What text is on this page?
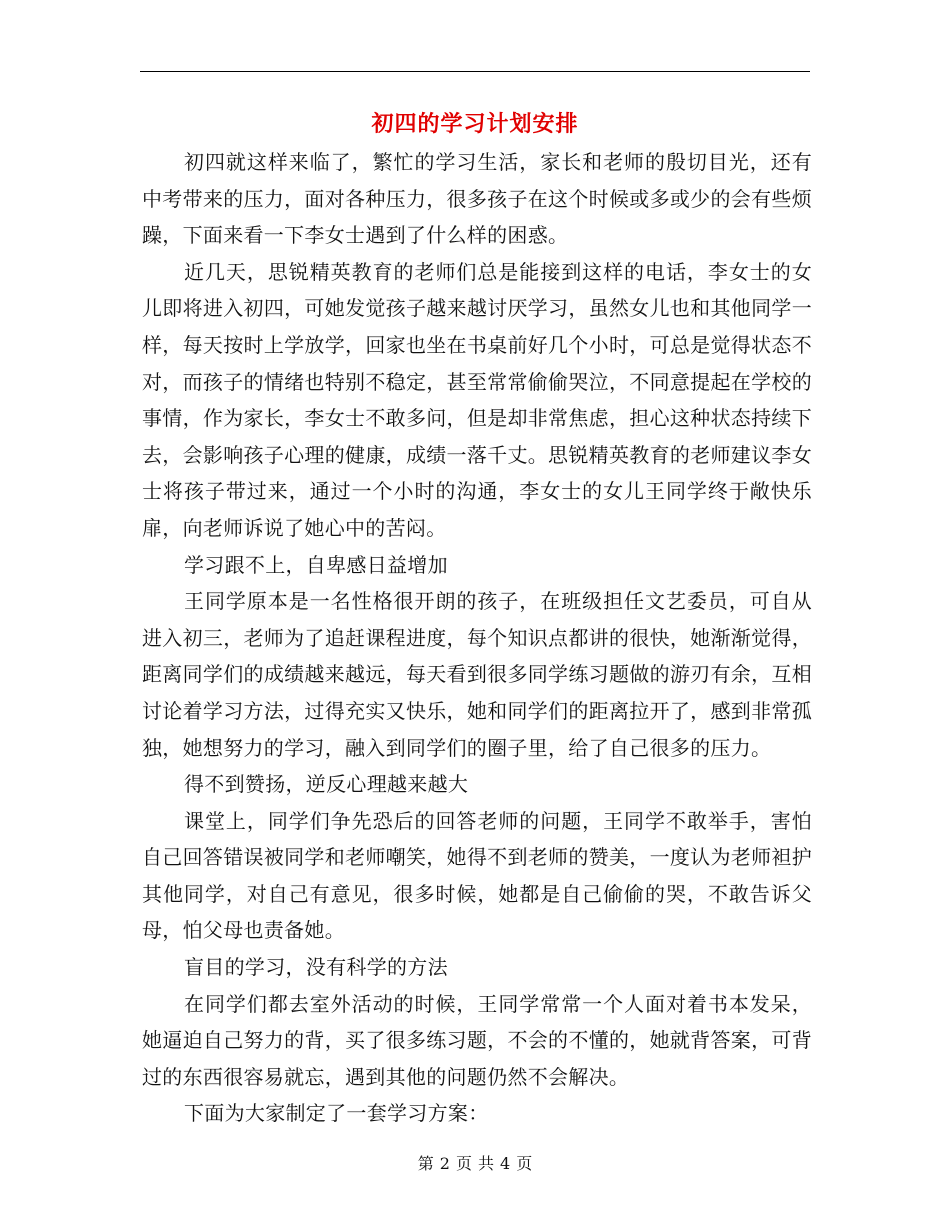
初四的学习计划安排

初四就这样来临了，繁忙的学习生活，家长和老师的殷切目光，还有中考带来的压力，面对各种压力，很多孩子在这个时候或多或少的会有些烦躁，下面来看一下李女士遇到了什么样的困惑。

近几天，思锐精英教育的老师们总是能接到这样的电话，李女士的女儿即将进入初四，可她发觉孩子越来越讨厌学习，虽然女儿也和其他同学一样，每天按时上学放学，回家也坐在书桌前好几个小时，可总是觉得状态不对，而孩子的情绪也特别不稳定，甚至常常偷偷哭泣，不同意提起在学校的事情，作为家长，李女士不敢多问，但是却非常焦虑，担心这种状态持续下去，会影响孩子心理的健康，成绩一落千丈。思锐精英教育的老师建议李女士将孩子带过来，通过一个小时的沟通，李女士的女儿王同学终于敞快乐扉，向老师诉说了她心中的苦闷。

学习跟不上，自卑感日益增加

王同学原本是一名性格很开朗的孩子，在班级担任文艺委员，可自从进入初三，老师为了追赶课程进度，每个知识点都讲的很快，她渐渐觉得，距离同学们的成绩越来越远，每天看到很多同学练习题做的游刃有余，互相讨论着学习方法，过得充实又快乐，她和同学们的距离拉开了，感到非常孤独，她想努力的学习，融入到同学们的圈子里，给了自己很多的压力。

得不到赞扬，逆反心理越来越大

课堂上，同学们争先恐后的回答老师的问题，王同学不敢举手，害怕自己回答错误被同学和老师嘲笑，她得不到老师的赞美，一度认为老师袒护其他同学，对自己有意见，很多时候，她都是自己偷偷的哭，不敢告诉父母，怕父母也责备她。

盲目的学习，没有科学的方法

在同学们都去室外活动的时候，王同学常常一个人面对着书本发呆，她逼迫自己努力的背，买了很多练习题，不会的不懂的，她就背答案，可背过的东西很容易就忘，遇到其他的问题仍然不会解决。

下面为大家制定了一套学习方案：

第 2 页 共 4 页
